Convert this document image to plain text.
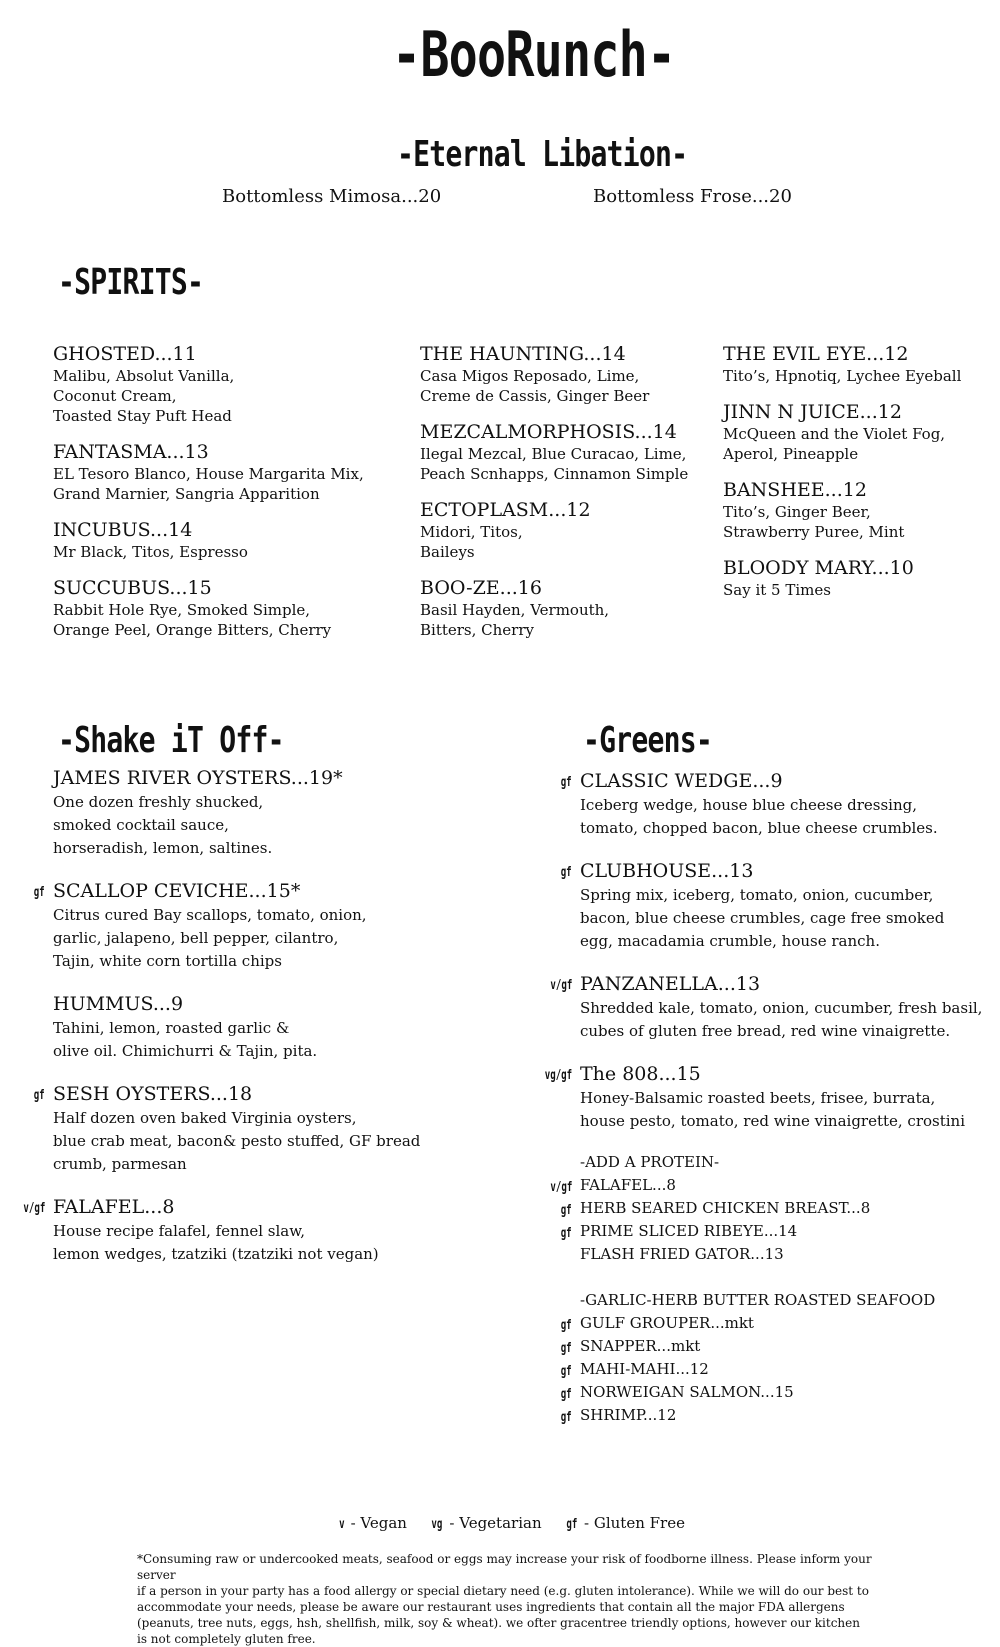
-BooRunch-
-Eternal Libation-
Bottomless Mimosa...20	Bottomless Frose...20
-SPIRITS-
GHOSTED...11
Malibu, Absolut Vanilla,
Coconut Cream,
Toasted Stay Puft Head
FANTASMA...13
EL Tesoro Blanco, House Margarita Mix,
Grand Marnier, Sangria Apparition
INCUBUS...14
Mr Black, Titos, Espresso
SUCCUBUS...15
Rabbit Hole Rye, Smoked Simple,
Orange Peel, Orange Bitters, Cherry
THE HAUNTING...14
Casa Migos Reposado, Lime,
Creme de Cassis, Ginger Beer
MEZCALMORPHOSIS...14
Ilegal Mezcal, Blue Curacao, Lime,
Peach Scnhapps, Cinnamon Simple
ECTOPLASM...12
Midori, Titos,
Baileys
BOO-ZE...16
Basil Hayden, Vermouth,
Bitters, Cherry
THE EVIL EYE...12
Tito’s, Hpnotiq, Lychee Eyeball
JINN N JUICE...12
McQueen and the Violet Fog,
Aperol, Pineapple
BANSHEE...12
Tito’s, Ginger Beer,
Strawberry Puree, Mint
BLOODY MARY...10
Say it 5 Times
-Shake iT Off-
JAMES RIVER OYSTERS...19*
One dozen freshly shucked,
smoked cocktail sauce,
horseradish, lemon, saltines.
gf SCALLOP CEVICHE...15*
Citrus cured Bay scallops, tomato, onion,
garlic, jalapeno, bell pepper, cilantro,
Tajin, white corn tortilla chips
HUMMUS...9
Tahini, lemon, roasted garlic &
olive oil. Chimichurri & Tajin, pita.
gf SESH OYSTERS...18
Half dozen oven baked Virginia oysters,
blue crab meat, bacon& pesto stuffed, GF bread
crumb, parmesan
v/gf FALAFEL...8
House recipe falafel, fennel slaw,
lemon wedges, tzatziki (tzatziki not vegan)
-Greens-
gf CLASSIC WEDGE...9
Iceberg wedge, house blue cheese dressing,
tomato, chopped bacon, blue cheese crumbles.
gf CLUBHOUSE...13
Spring mix, iceberg, tomato, onion, cucumber,
bacon, blue cheese crumbles, cage free smoked
egg, macadamia crumble, house ranch.
v/gf PANZANELLA...13
Shredded kale, tomato, onion, cucumber, fresh basil,
cubes of gluten free bread, red wine vinaigrette.
vg/gf The 808...15
Honey-Balsamic roasted beets, frisee, burrata,
house pesto, tomato, red wine vinaigrette, crostini
-ADD A PROTEIN-
v/gf FALAFEL...8
gf HERB SEARED CHICKEN BREAST...8
gf PRIME SLICED RIBEYE...14
FLASH FRIED GATOR...13
-GARLIC-HERB BUTTER ROASTED SEAFOOD
gf GULF GROUPER...mkt
gf SNAPPER...mkt
gf MAHI-MAHI...12
gf NORWEIGAN SALMON...15
gf SHRIMP...12
v - Vegan vg - Vegetarian gf - Gluten Free
*Consuming raw or undercooked meats, seafood or eggs may increase your risk of foodborne illness. Please inform your server
if a person in your party has a food allergy or special dietary need (e.g. gluten intolerance). While we will do our best to
accommodate your needs, please be aware our restaurant uses ingredients that contain all the major FDA allergens
(peanuts, tree nuts, eggs, hsh, shellfish, milk, soy & wheat). we ofter gracentree triendly options, however our kitchen
is not completely gluten free.
